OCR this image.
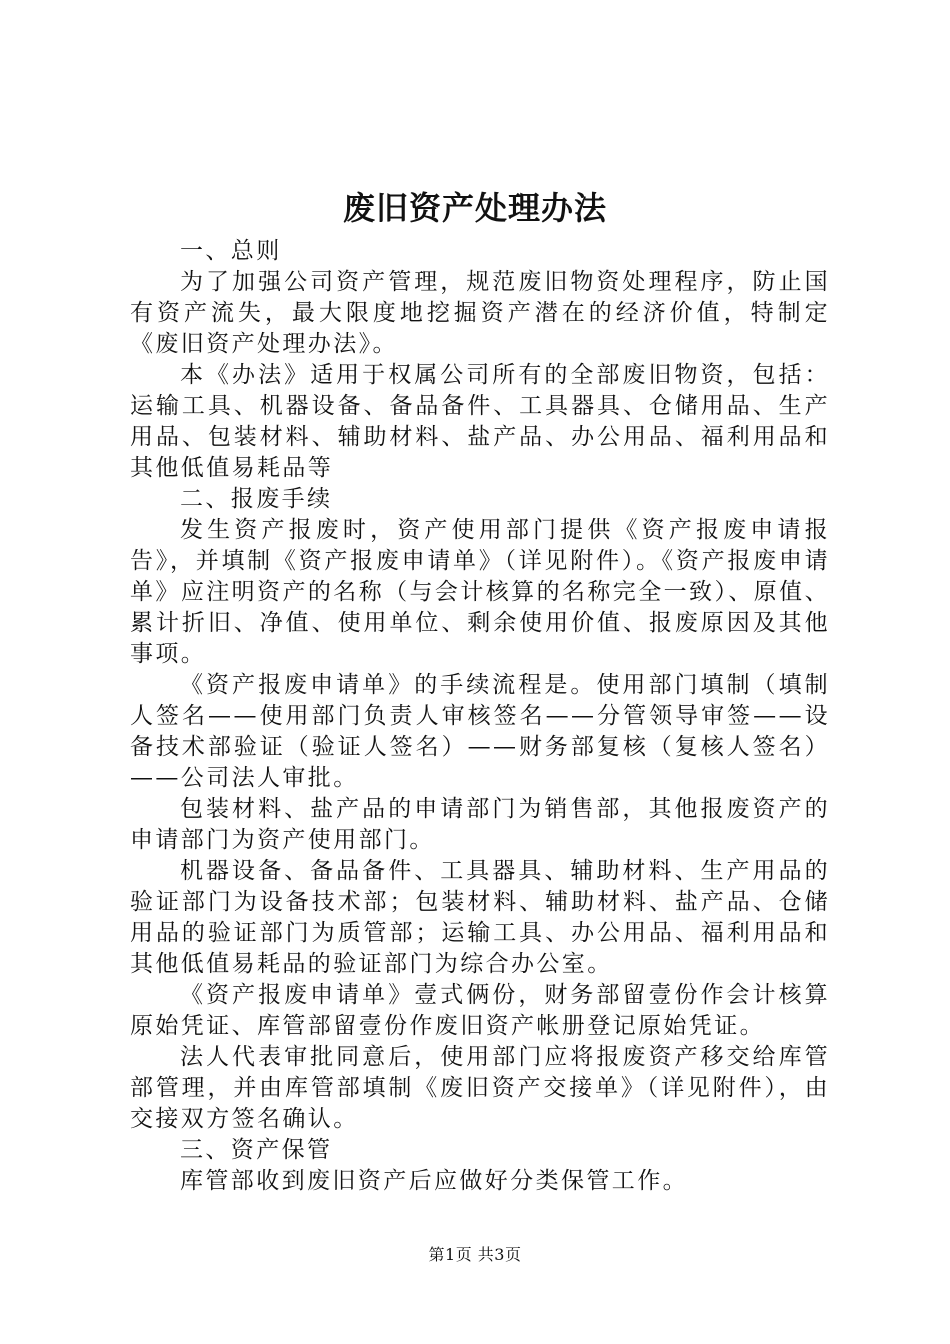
废旧资产处理办法

一、总则

为了加强公司资产管理，规范废旧物资处理程序，防止国有资产流失，最大限度地挖掘资产潜在的经济价值，特制定《废旧资产处理办法》。

本《办法》适用于权属公司所有的全部废旧物资，包括：运输工具、机器设备、备品备件、工具器具、仓储用品、生产用品、包装材料、辅助材料、盐产品、办公用品、福利用品和其他低值易耗品等

二、报废手续

发生资产报废时，资产使用部门提供《资产报废申请报告》，并填制《资产报废申请单》（详见附件）。《资产报废申请单》应注明资产的名称（与会计核算的名称完全一致）、原值、累计折旧、净值、使用单位、剩余使用价值、报废原因及其他事项。

《资产报废申请单》的手续流程是。使用部门填制（填制人签名——使用部门负责人审核签名——分管领导审签——设备技术部验证（验证人签名）——财务部复核（复核人签名）——公司法人审批。

包装材料、盐产品的申请部门为销售部，其他报废资产的申请部门为资产使用部门。

机器设备、备品备件、工具器具、辅助材料、生产用品的验证部门为设备技术部；包装材料、辅助材料、盐产品、仓储用品的验证部门为质管部；运输工具、办公用品、福利用品和其他低值易耗品的验证部门为综合办公室。

《资产报废申请单》壹式俩份，财务部留壹份作会计核算原始凭证、库管部留壹份作废旧资产帐册登记原始凭证。

法人代表审批同意后，使用部门应将报废资产移交给库管部管理，并由库管部填制《废旧资产交接单》（详见附件），由交接双方签名确认。

三、资产保管

库管部收到废旧资产后应做好分类保管工作。

第1页 共3页
